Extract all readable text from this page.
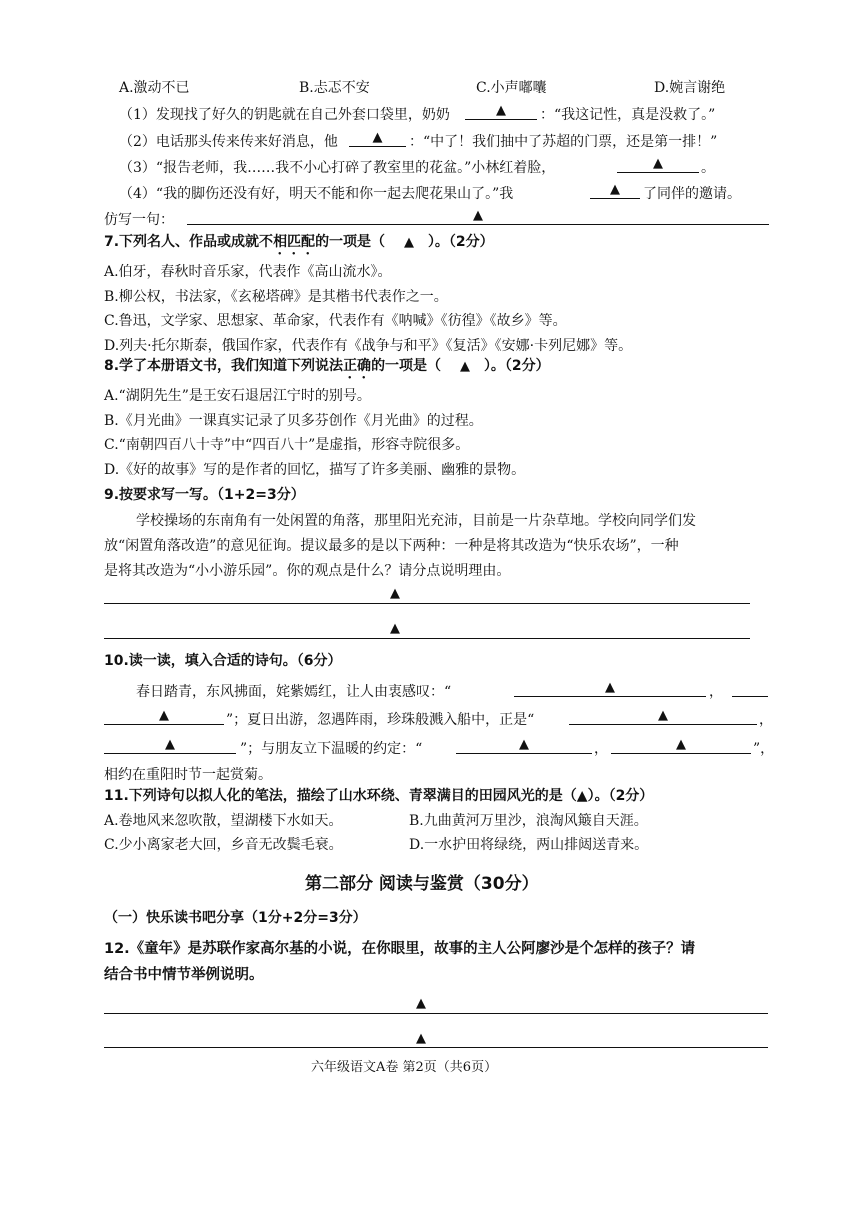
A.激动不已	B.忐忑不安	C.小声嘟囔	D.婉言谢绝
（1）发现找了好久的钥匙就在自己外套口袋里，奶奶	▲	：“我这记性，真是没救了。”
（2）电话那头传来传来好消息，他	▲	：“中了！我们抽中了苏超的门票，还是第一排！”
（3）“报告老师，我……我不小心打碎了教室里的花盆。”小林红着脸，	▲	。
（4）“我的脚伤还没有好，明天不能和你一起去爬花果山了。”我	▲	了同伴的邀请。
仿写一句：	▲
7.下列名人、作品或成就不相匹配的一项是（ ▲ ）。（2分）
A.伯牙，春秋时音乐家，代表作《高山流水》。
B.柳公权，书法家，《玄秘塔碑》是其楷书代表作之一。
C.鲁迅，文学家、思想家、革命家，代表作有《呐喊》《彷徨》《故乡》等。
D.列夫·托尔斯泰，俄国作家，代表作有《战争与和平》《复活》《安娜·卡列尼娜》等。
8.学了本册语文书，我们知道下列说法正确的一项是（ ▲ ）。（2分）
A.“湖阴先生”是王安石退居江宁时的别号。
B.《月光曲》一课真实记录了贝多芬创作《月光曲》的过程。
C.“南朝四百八十寺”中“四百八十”是虚指，形容寺院很多。
D.《好的故事》写的是作者的回忆，描写了许多美丽、幽雅的景物。
9.按要求写一写。（1+2=3分）
学校操场的东南角有一处闲置的角落，那里阳光充沛，目前是一片杂草地。学校向同学们发
放“闲置角落改造”的意见征询。提议最多的是以下两种：一种是将其改造为“快乐农场”，一种
是将其改造为“小小游乐园”。你的观点是什么？请分点说明理由。
▲
▲
10.读一读，填入合适的诗句。（6分）
春日踏青，东风拂面，姹紫嫣红，让人由衷感叹：“	▲	，
▲	”；夏日出游，忽遇阵雨，珍珠般溅入船中，正是“	▲	，
▲	”；与朋友立下温暖的约定：“	▲	，	▲	”，
相约在重阳时节一起赏菊。
11.下列诗句以拟人化的笔法，描绘了山水环绕、青翠满目的田园风光的是（▲）。（2分）
A.卷地风来忽吹散，望湖楼下水如天。	B.九曲黄河万里沙，浪淘风簸自天涯。
C.少小离家老大回，乡音无改鬓毛衰。	D.一水护田将绿绕，两山排闼送青来。
第二部分 阅读与鉴赏（30分）
（一）快乐读书吧分享（1分+2分=3分）
12.《童年》是苏联作家高尔基的小说，在你眼里，故事的主人公阿廖沙是个怎样的孩子？请
结合书中情节举例说明。
▲
▲
六年级语文A卷 第2页（共6页）
